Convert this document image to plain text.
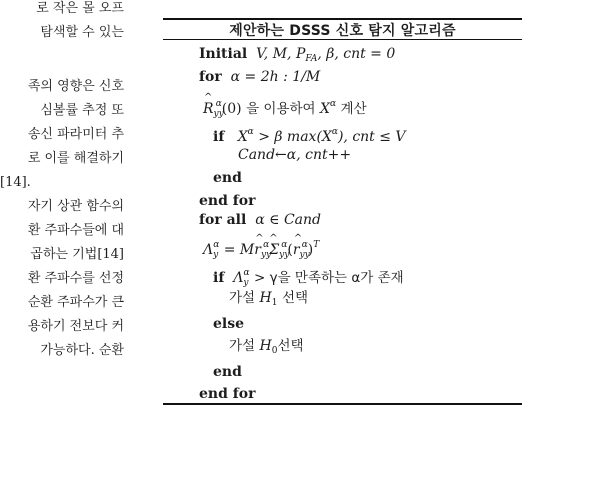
로 작은 몰 오프
탐색할 수 있는
족의 영향은 신호
심볼률 추정 또
송신 파라미터 추
로 이를 해결하기
[14].
자기 상관 함수의
환 주파수들에 대
곱하는 기법[14]
환 주파수를 선정
순환 주파수가 큰
용하기 전보다 커
가능하다. 순환
제안하는 DSSS 신호 탐지 알고리즘
Initial V, M, $P_{FA}$, β, cnt = 0
for α = 2h : 1/M
^ $R_{yy}^\alpha(0)$ 을 이용하여 $X^\alpha$ 계산
if $X^\alpha > \beta$ $\max(X^\alpha)$, cnt ≤ V
Cand←α, cnt++
end
end for
for all α ∈ Cand
$\Lambda_y^\alpha$ = M^ $r_{yy}^\alpha\^{}$ $\Sigma_{yy}^\alpha(\^{}$ $r_{yy}^\alpha)^T$
if $\Lambda_y^\alpha > \gamma$을 만족하는 α가 존재
가설 $H_1$ 선택
else
가설 $H_0$선택
end
end for
